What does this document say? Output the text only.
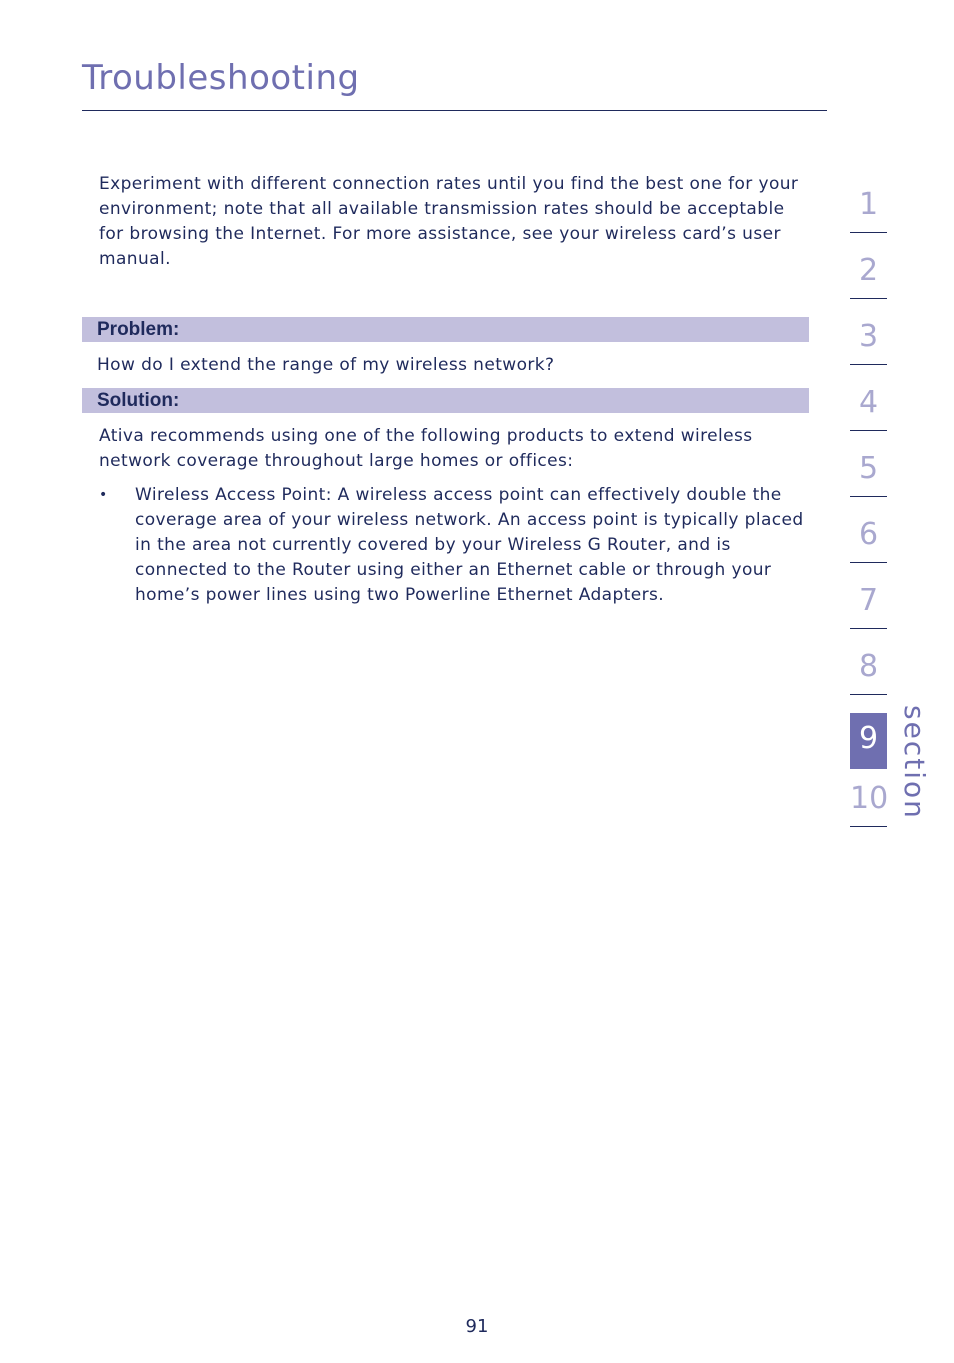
Troubleshooting

Experiment with different connection rates until you find the best one for your environment; note that all available transmission rates should be acceptable for browsing the Internet. For more assistance, see your wireless card’s user manual.

Problem:

How do I extend the range of my wireless network?

Solution:

Ativa recommends using one of the following products to extend wireless network coverage throughout large homes or offices:

• Wireless Access Point: A wireless access point can effectively double the coverage area of your wireless network. An access point is typically placed in the area not currently covered by your Wireless G Router, and is connected to the Router using either an Ethernet cable or through your home’s power lines using two Powerline Ethernet Adapters.
1
2
3
4
5
6
7
8
9
10 section
91
